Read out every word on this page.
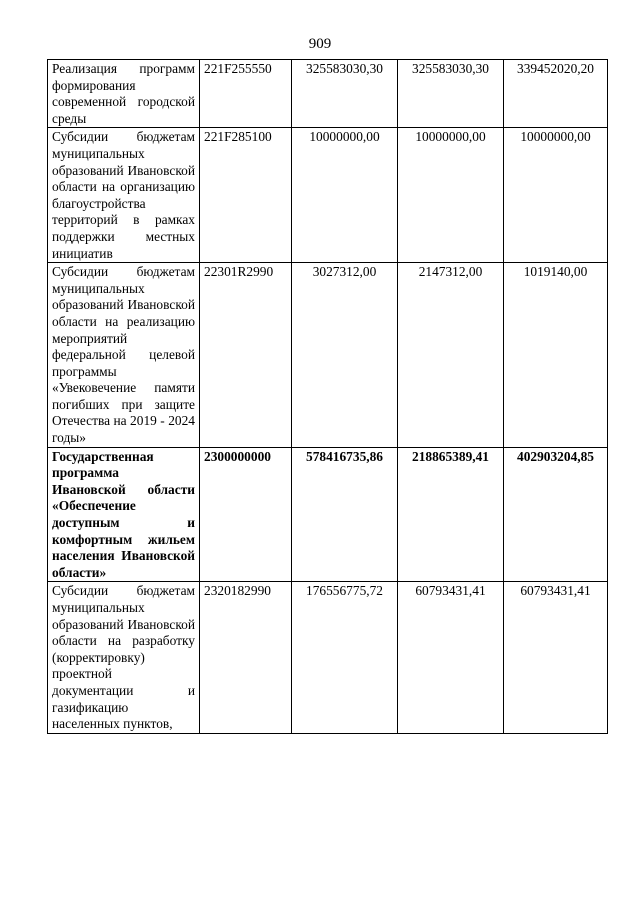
909
Реализация программ формирования современной городской среды	221F255550	325583030,30	325583030,30	339452020,20
Субсидии бюджетам муниципальных образований Ивановской области на организацию благоустройства территорий в рамках поддержки местных инициатив	221F285100	10000000,00	10000000,00	10000000,00
Субсидии бюджетам муниципальных образований Ивановской области на реализацию мероприятий федеральной целевой программы «Увековечение памяти погибших при защите Отечества на 2019 - 2024 годы»	22301R2990	3027312,00	2147312,00	1019140,00
Государственная программа Ивановской области «Обеспечение доступным и комфортным жильем населения Ивановской области»	2300000000	578416735,86	218865389,41	402903204,85
Субсидии бюджетам муниципальных образований Ивановской области на разработку (корректировку) проектной документации и газификацию населенных пунктов,	2320182990	176556775,72	60793431,41	60793431,41
